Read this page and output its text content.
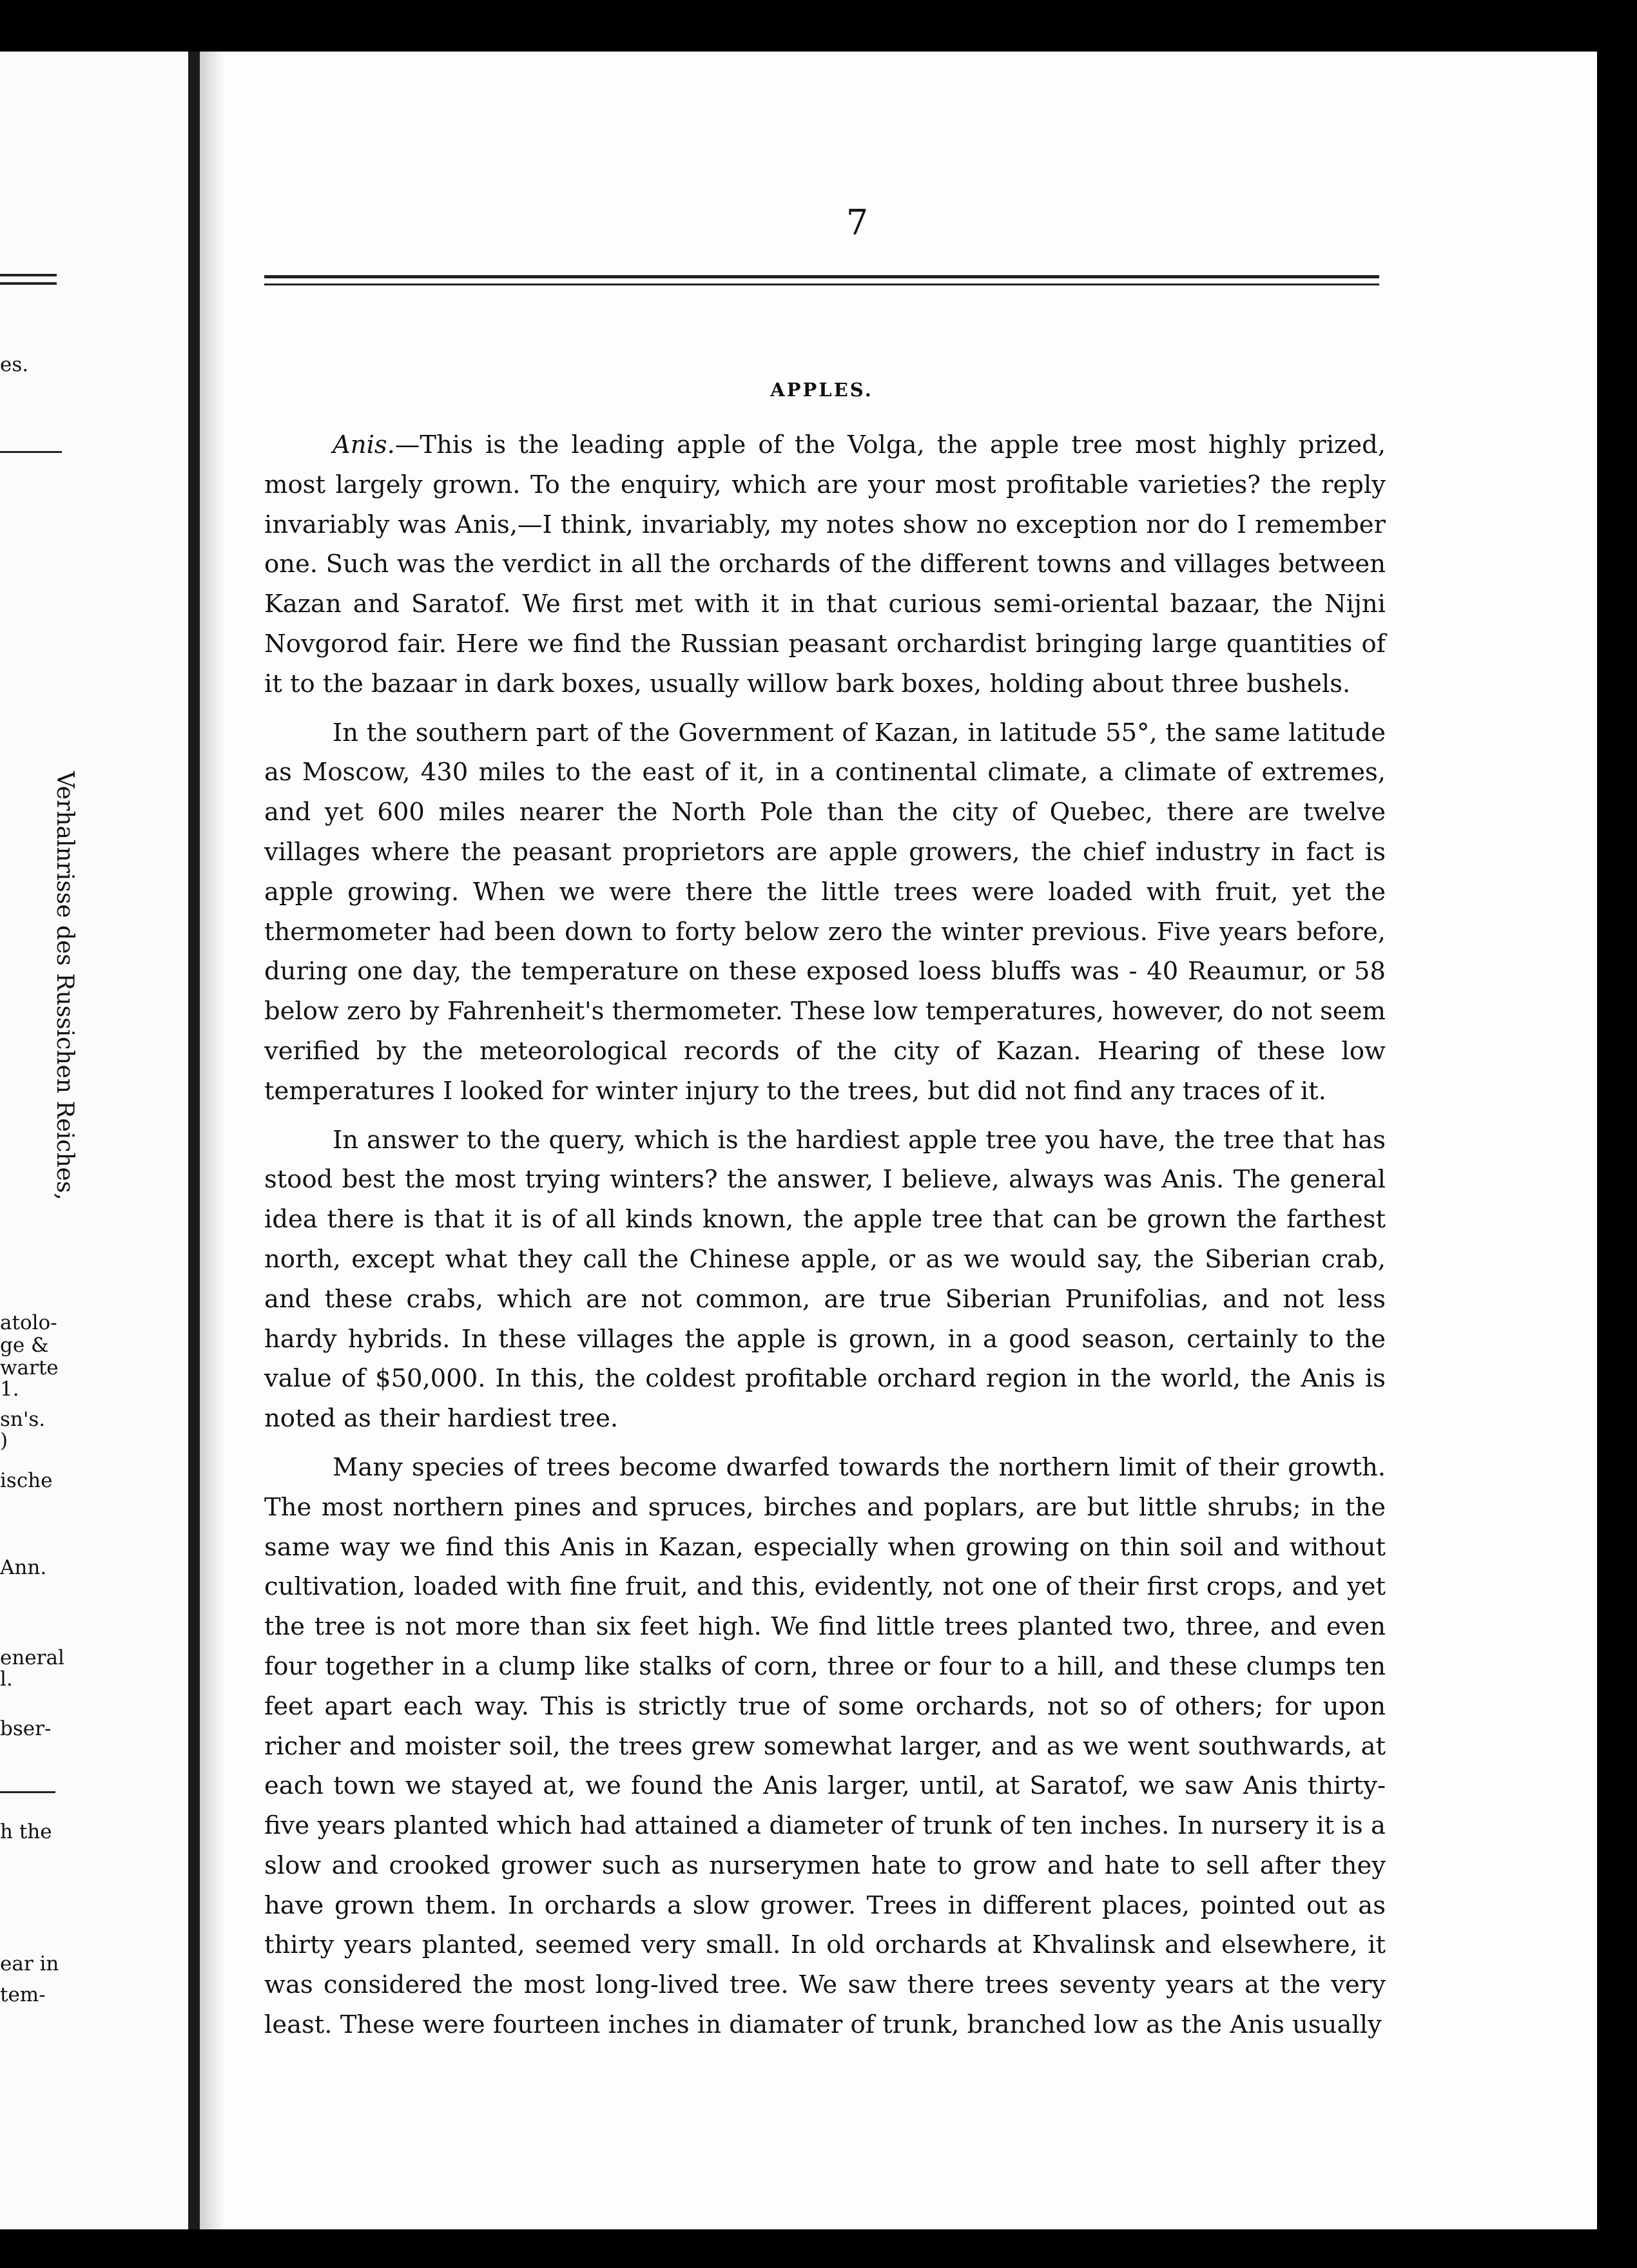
Verhalnrisse des Russichen Reiches,
es.
atolo-
ge &
warte
1.
sn's.
)
ische
Ann.
eneral
l.
bser-
h the
ear in
tem-
7
APPLES.

Anis.—This is the leading apple of the Volga, the apple tree most highly prized, most largely grown. To the enquiry, which are your most profitable varieties? the reply invariably was Anis,—I think, invariably, my notes show no exception nor do I remember one. Such was the verdict in all the orchards of the different towns and villages between Kazan and Saratof. We first met with it in that curious semi-oriental bazaar, the Nijni Novgorod fair. Here we find the Russian peasant orchardist bringing large quantities of it to the bazaar in dark boxes, usually willow bark boxes, holding about three bushels.

In the southern part of the Government of Kazan, in latitude 55°, the same latitude as Moscow, 430 miles to the east of it, in a continental climate, a climate of extremes, and yet 600 miles nearer the North Pole than the city of Quebec, there are twelve villages where the peasant proprietors are apple growers, the chief industry in fact is apple growing. When we were there the little trees were loaded with fruit, yet the thermometer had been down to forty below zero the winter previous. Five years before, during one day, the temperature on these exposed loess bluffs was - 40 Reaumur, or 58 below zero by Fahrenheit's thermometer. These low temperatures, however, do not seem verified by the meteorological records of the city of Kazan. Hearing of these low temperatures I looked for winter injury to the trees, but did not find any traces of it.

In answer to the query, which is the hardiest apple tree you have, the tree that has stood best the most trying winters? the answer, I believe, always was Anis. The general idea there is that it is of all kinds known, the apple tree that can be grown the farthest north, except what they call the Chinese apple, or as we would say, the Siberian crab, and these crabs, which are not common, are true Siberian Prunifolias, and not less hardy hybrids. In these villages the apple is grown, in a good season, certainly to the value of $50,000. In this, the coldest profitable orchard region in the world, the Anis is noted as their hardiest tree.

Many species of trees become dwarfed towards the northern limit of their growth. The most northern pines and spruces, birches and poplars, are but little shrubs; in the same way we find this Anis in Kazan, especially when growing on thin soil and without cultivation, loaded with fine fruit, and this, evidently, not one of their first crops, and yet the tree is not more than six feet high. We find little trees planted two, three, and even four together in a clump like stalks of corn, three or four to a hill, and these clumps ten feet apart each way. This is strictly true of some orchards, not so of others; for upon richer and moister soil, the trees grew somewhat larger, and as we went southwards, at each town we stayed at, we found the Anis larger, until, at Saratof, we saw Anis thirty-five years planted which had attained a diameter of trunk of ten inches. In nursery it is a slow and crooked grower such as nurserymen hate to grow and hate to sell after they have grown them. In orchards a slow grower. Trees in different places, pointed out as thirty years planted, seemed very small. In old orchards at Khvalinsk and elsewhere, it was considered the most long-lived tree. We saw there trees seventy years at the very least. These were fourteen inches in diamater of trunk, branched low as the Anis usually
